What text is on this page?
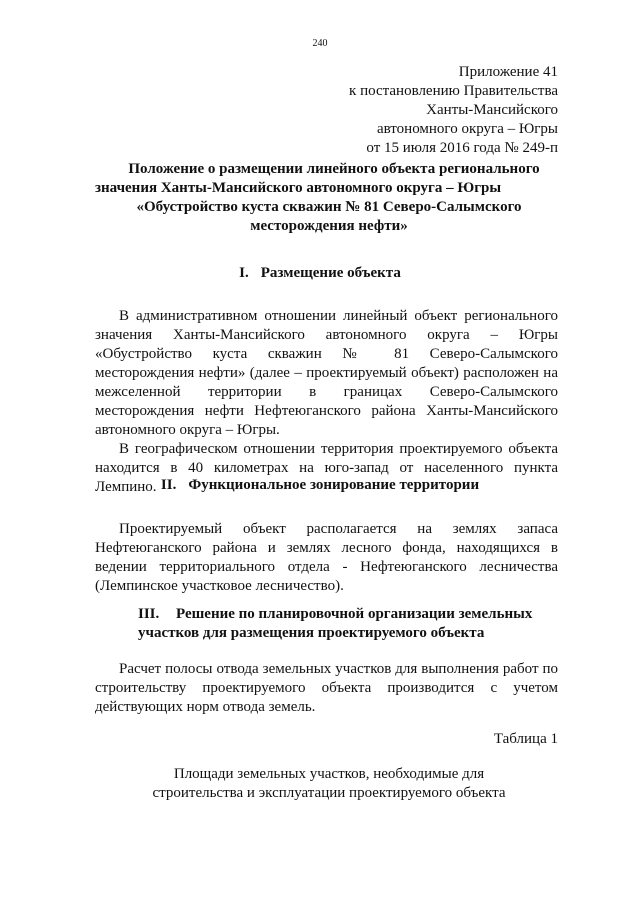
240
Приложение 41
к постановлению Правительства
Ханты-Мансийского
автономного округа – Югры
от 15 июля 2016 года № 249-п
Положение о размещении линейного объекта регионального
значения Ханты-Мансийского автономного округа – Югры
«Обустройство куста скважин № 81 Северо-Салымского
месторождения нефти»
I. Размещение объекта

В административном отношении линейный объект регионального значения Ханты-Мансийского автономного округа – Югры «Обустройство куста скважин № 81 Северо-Салымского месторождения нефти» (далее – проектируемый объект) расположен на межселенной территории в границах Северо-Салымского месторождения нефти Нефтеюганского района Ханты-Мансийского автономного округа – Югры.

В географическом отношении территория проектируемого объекта находится в 40 километрах на юго-запад от населенного пункта Лемпино. II. Функциональное зонирование территории

Проектируемый объект располагается на землях запаса Нефтеюганского района и землях лесного фонда, находящихся в ведении территориального отдела - Нефтеюганского лесничества (Лемпинское участковое лесничество).

III. Решение по планировочной организации земельных
участков для размещения проектируемого объекта

Расчет полосы отвода земельных участков для выполнения работ по строительству проектируемого объекта производится с учетом действующих норм отвода земель.

Таблица 1
Площади земельных участков, необходимые для
строительства и эксплуатации проектируемого объекта
